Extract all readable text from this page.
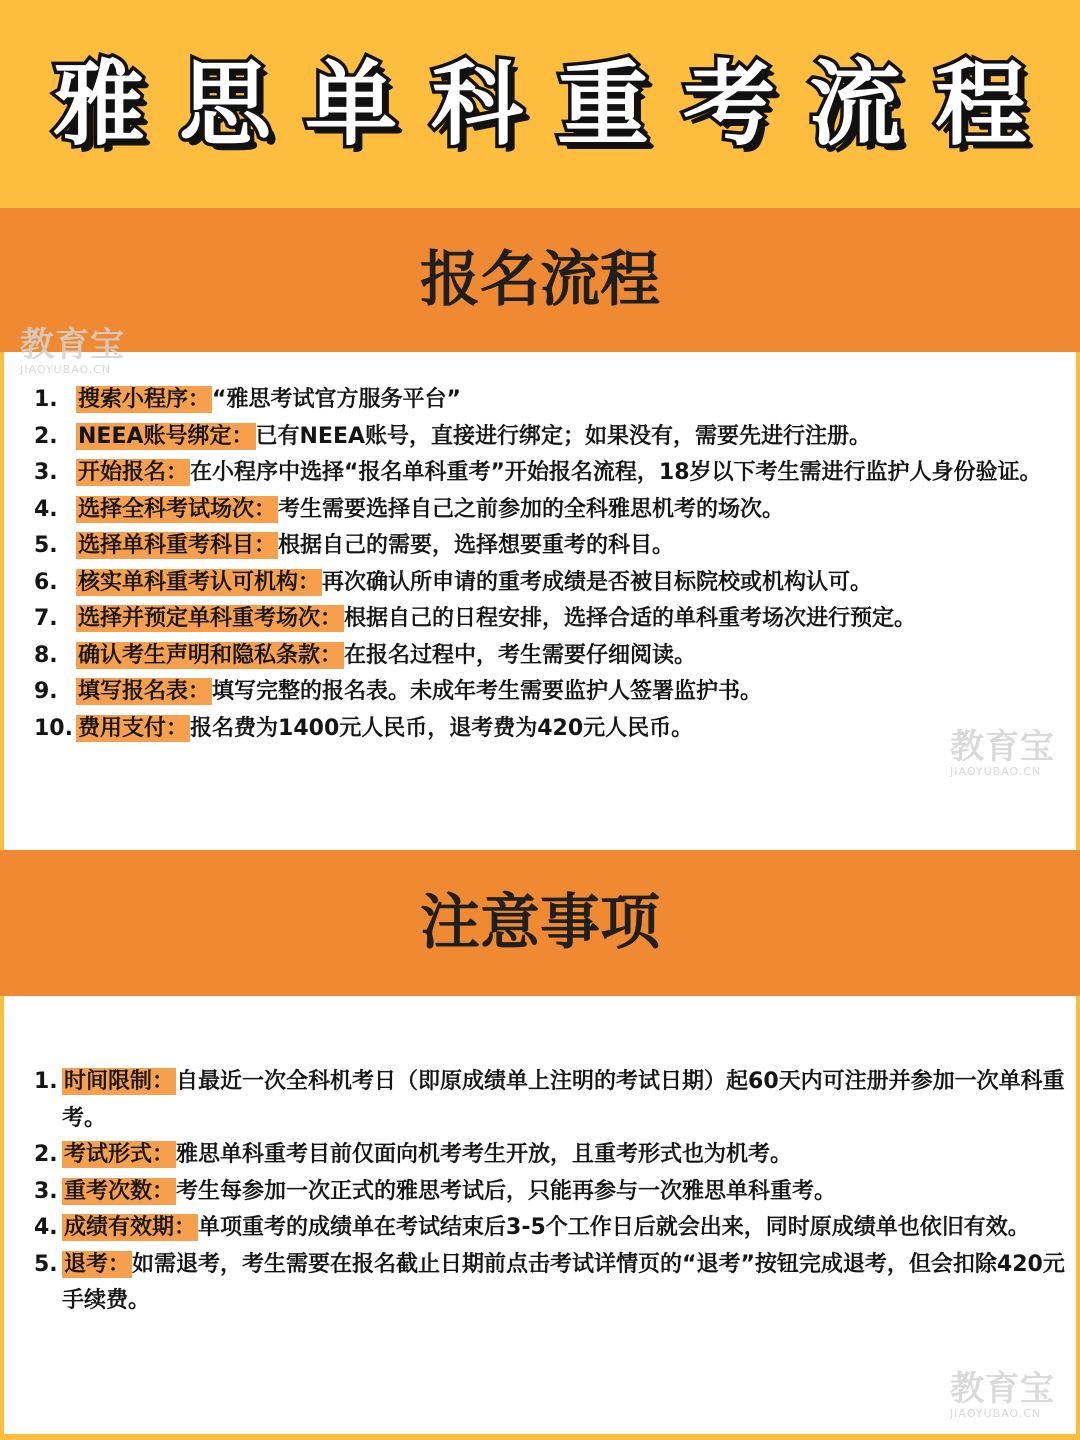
雅思单科重考流程
报名流程
1. 搜索小程序：“雅思考试官方服务平台”
2. NEEA账号绑定：已有NEEA账号，直接进行绑定；如果没有，需要先进行注册。
3. 开始报名：在小程序中选择“报名单科重考”开始报名流程，18岁以下考生需进行监护人身份验证。
4. 选择全科考试场次：考生需要选择自己之前参加的全科雅思机考的场次。
5. 选择单科重考科目：根据自己的需要，选择想要重考的科目。
6. 核实单科重考认可机构：再次确认所申请的重考成绩是否被目标院校或机构认可。
7. 选择并预定单科重考场次：根据自己的日程安排，选择合适的单科重考场次进行预定。
8. 确认考生声明和隐私条款：在报名过程中，考生需要仔细阅读。
9. 填写报名表：填写完整的报名表。未成年考生需要监护人签署监护书。
10. 费用支付：报名费为1400元人民币，退考费为420元人民币。
注意事项
1. 时间限制：自最近一次全科机考日（即原成绩单上注明的考试日期）起60天内可注册并参加一次单科重考。
2. 考试形式：雅思单科重考目前仅面向机考考生开放，且重考形式也为机考。
3. 重考次数：考生每参加一次正式的雅思考试后，只能再参与一次雅思单科重考。
4. 成绩有效期：单项重考的成绩单在考试结束后3-5个工作日后就会出来，同时原成绩单也依旧有效。
5. 退考：如需退考，考生需要在报名截止日期前点击考试详情页的“退考”按钮完成退考，但会扣除420元手续费。
教育宝
JIAOYUBAO.CN
教育宝
JIAOYUBAO.CN
教育宝
JIAOYUBAO.CN
